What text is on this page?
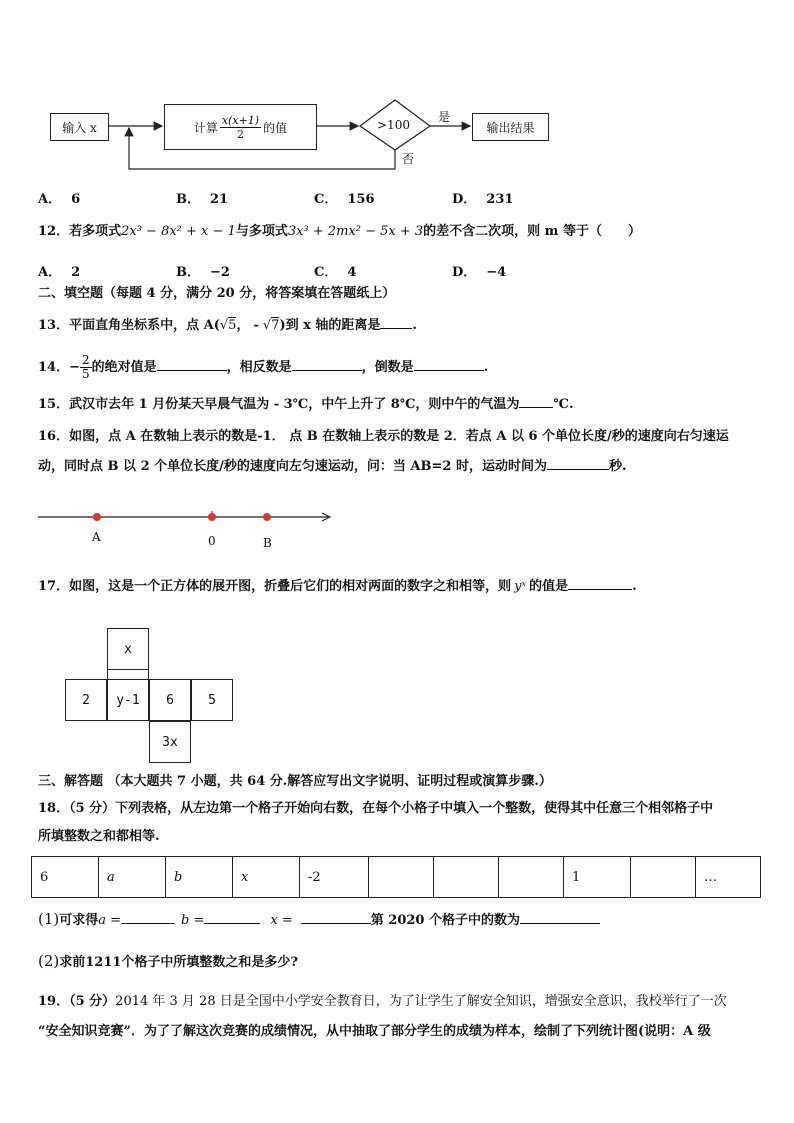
输入 x	计算 $\frac{x(x+1)}{2}$ 的值	>100
是
否
输出结果
A． 6	B． 21	C． 156	D． 231
12．若多项式2x³ − 8x² + x − 1与多项式3x³ + 2mx² − 5x + 3的差不含二次项，则 m 等于（　　）
A． 2	B． −2	C． 4	D． −4
二、填空题（每题 4 分，满分 20 分，将答案填在答题纸上）
13．平面直角坐标系中，点 A(√5， - √7)到 x 轴的距离是 .
14．− $\frac{2}{5}$ 的绝对值是	，相反数是	，倒数是	.
15．武汉市去年 1 月份某天早晨气温为 - 3℃，中午上升了 8℃，则中午的气温为	℃.
16．如图，点 A 在数轴上表示的数是-1． 点 B 在数轴上表示的数是 2．若点 A 以 6 个单位长度/秒的速度向右匀速运
动，同时点 B 以 2 个单位长度/秒的速度向左匀速运动，问：当 AB=2 时，运动时间为	秒.
A	0	B
17．如图，这是一个正方体的展开图，折叠后它们的相对两面的数字之和相等，则 yˣ 的值是	.
x
2	y-1	6	5
3x
三、解答题 （本大题共 7 小题，共 64 分.解答应写出文字说明、证明过程或演算步骤.）
18．（5 分）下列表格，从左边第一个格子开始向右数，在每个小格子中填入一个整数，使得其中任意三个相邻格子中
所填整数之和都相等.
6	a	b	x	-2				1		…
(1)可求得a =	b =	x =	第 2020 个格子中的数为
(2)求前1211个格子中所填整数之和是多少?
19．（5 分）2014 年 3 月 28 日是全国中小学安全教育日，为了让学生了解安全知识，增强安全意识，我校举行了一次
“安全知识竞赛”．为了了解这次竞赛的成绩情况，从中抽取了部分学生的成绩为样本，绘制了下列统计图(说明：A 级
